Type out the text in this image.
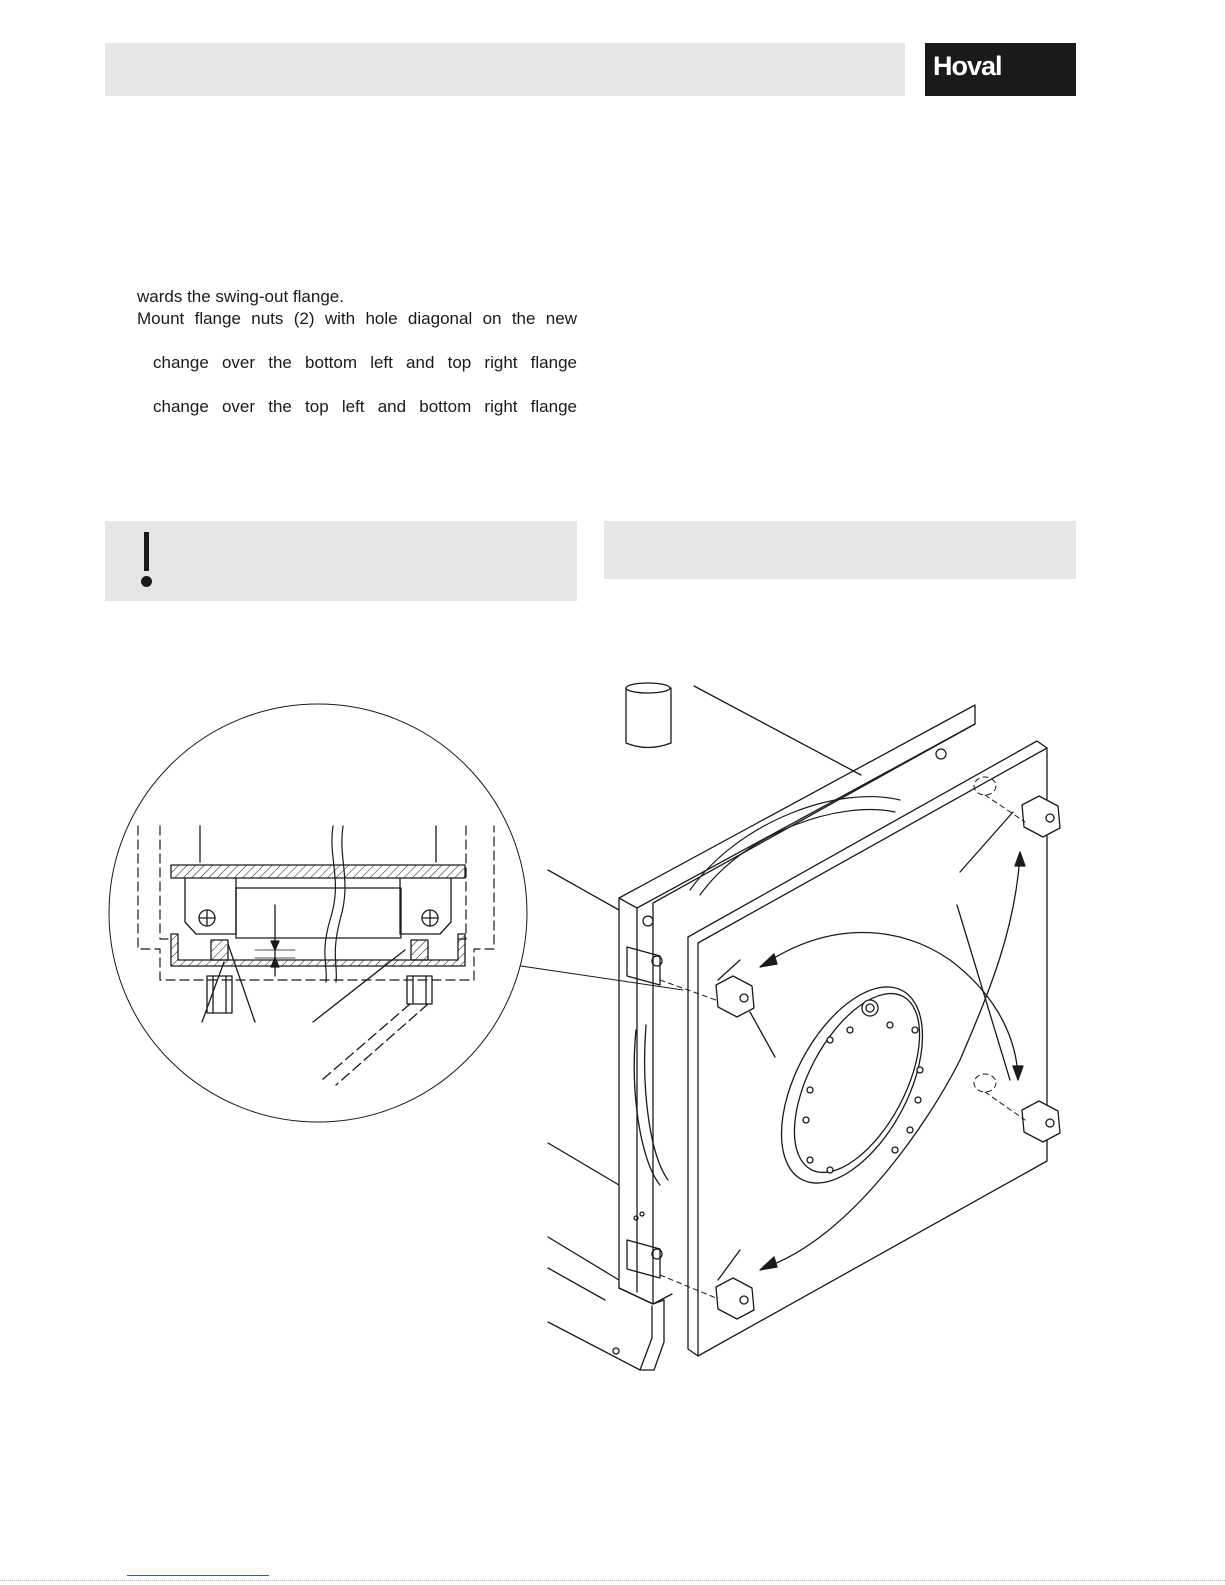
Hoval
wards the swing-out flange.
Mount flange nuts (2) with hole diagonal on the new
change over the bottom left and top right flange
change over the top left and bottom right flange
